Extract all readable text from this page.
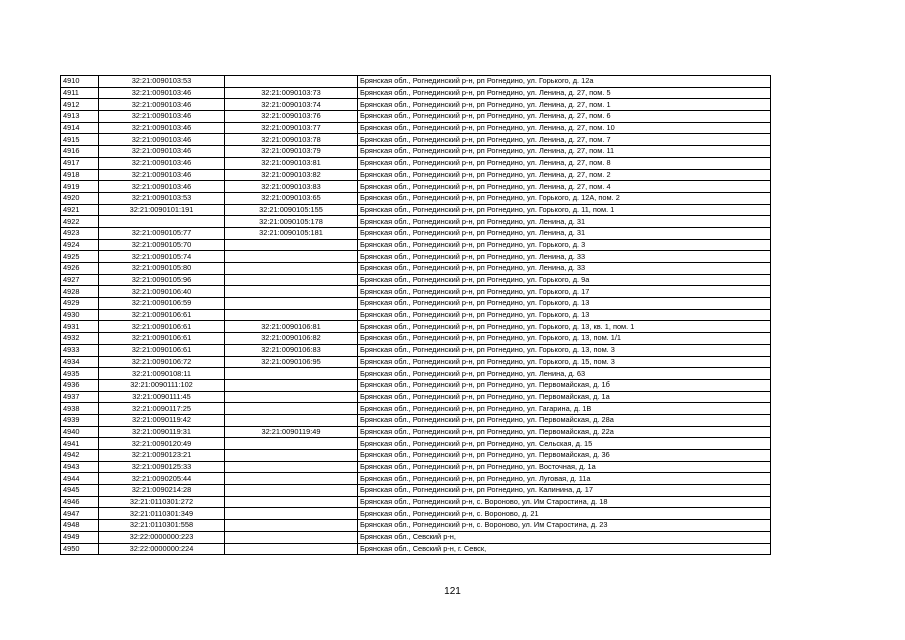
4910	32:21:0090103:53		Брянская обл., Рогнединский р-н, рп Рогнедино, ул. Горького, д. 12а
4911	32:21:0090103:46	32:21:0090103:73	Брянская обл., Рогнединский р-н, рп Рогнедино, ул. Ленина, д. 27, пом. 5
4912	32:21:0090103:46	32:21:0090103:74	Брянская обл., Рогнединский р-н, рп Рогнедино, ул. Ленина, д. 27, пом. 1
4913	32:21:0090103:46	32:21:0090103:76	Брянская обл., Рогнединский р-н, рп Рогнедино, ул. Ленина, д. 27, пом. 6
4914	32:21:0090103:46	32:21:0090103:77	Брянская обл., Рогнединский р-н, рп Рогнедино, ул. Ленина, д. 27, пом. 10
4915	32:21:0090103:46	32:21:0090103:78	Брянская обл., Рогнединский р-н, рп Рогнедино, ул. Ленина, д. 27, пом. 7
4916	32:21:0090103:46	32:21:0090103:79	Брянская обл., Рогнединский р-н, рп Рогнедино, ул. Ленина, д. 27, пом. 11
4917	32:21:0090103:46	32:21:0090103:81	Брянская обл., Рогнединский р-н, рп Рогнедино, ул. Ленина, д. 27, пом. 8
4918	32:21:0090103:46	32:21:0090103:82	Брянская обл., Рогнединский р-н, рп Рогнедино, ул. Ленина, д. 27, пом. 2
4919	32:21:0090103:46	32:21:0090103:83	Брянская обл., Рогнединский р-н, рп Рогнедино, ул. Ленина, д. 27, пом. 4
4920	32:21:0090103:53	32:21:0090103:65	Брянская обл., Рогнединский р-н, рп Рогнедино, ул. Горького, д. 12А, пом. 2
4921	32:21:0090101:191	32:21:0090105:155	Брянская обл., Рогнединский р-н, рп Рогнедино, ул. Горького, д. 11, пом. 1
4922		32:21:0090105:178	Брянская обл., Рогнединский р-н, рп Рогнедино, ул. Ленина, д. 31
4923	32:21:0090105:77	32:21:0090105:181	Брянская обл., Рогнединский р-н, рп Рогнедино, ул. Ленина, д. 31
4924	32:21:0090105:70		Брянская обл., Рогнединский р-н, рп Рогнедино, ул. Горького, д. 3
4925	32:21:0090105:74		Брянская обл., Рогнединский р-н, рп Рогнедино, ул. Ленина, д. 33
4926	32:21:0090105:80		Брянская обл., Рогнединский р-н, рп Рогнедино, ул. Ленина, д. 33
4927	32:21:0090105:96		Брянская обл., Рогнединский р-н, рп Рогнедино, ул. Горького, д. 9а
4928	32:21:0090106:40		Брянская обл., Рогнединский р-н, рп Рогнедино, ул. Горького, д. 17
4929	32:21:0090106:59		Брянская обл., Рогнединский р-н, рп Рогнедино, ул. Горького, д. 13
4930	32:21:0090106:61		Брянская обл., Рогнединский р-н, рп Рогнедино, ул. Горького, д. 13
4931	32:21:0090106:61	32:21:0090106:81	Брянская обл., Рогнединский р-н, рп Рогнедино, ул. Горького, д. 13, кв. 1, пом. 1
4932	32:21:0090106:61	32:21:0090106:82	Брянская обл., Рогнединский р-н, рп Рогнедино, ул. Горького, д. 13, пом. 1/1
4933	32:21:0090106:61	32:21:0090106:83	Брянская обл., Рогнединский р-н, рп Рогнедино, ул. Горького, д. 13, пом. 3
4934	32:21:0090106:72	32:21:0090106:95	Брянская обл., Рогнединский р-н, рп Рогнедино, ул. Горького, д. 15, пом. 3
4935	32:21:0090108:11		Брянская обл., Рогнединский р-н, рп Рогнедино, ул. Ленина, д. 63
4936	32:21:0090111:102		Брянская обл., Рогнединский р-н, рп Рогнедино, ул. Первомайская, д. 1б
4937	32:21:0090111:45		Брянская обл., Рогнединский р-н, рп Рогнедино, ул. Первомайская, д. 1а
4938	32:21:0090117:25		Брянская обл., Рогнединский р-н, рп Рогнедино, ул. Гагарина, д. 1В
4939	32:21:0090119:42		Брянская обл., Рогнединский р-н, рп Рогнедино, ул. Первомайская, д. 28а
4940	32:21:0090119:31	32:21:0090119:49	Брянская обл., Рогнединский р-н, рп Рогнедино, ул. Первомайская, д. 22а
4941	32:21:0090120:49		Брянская обл., Рогнединский р-н, рп Рогнедино, ул. Сельская, д. 15
4942	32:21:0090123:21		Брянская обл., Рогнединский р-н, рп Рогнедино, ул. Первомайская, д. 36
4943	32:21:0090125:33		Брянская обл., Рогнединский р-н, рп Рогнедино, ул. Восточная, д. 1а
4944	32:21:0090205:44		Брянская обл., Рогнединский р-н, рп Рогнедино, ул. Луговая, д. 11а
4945	32:21:0090214:28		Брянская обл., Рогнединский р-н, рп Рогнедино, ул. Калинина, д. 17
4946	32:21:0110301:272		Брянская обл., Рогнединский р-н, с. Вороново, ул. Им Старостина, д. 18
4947	32:21:0110301:349		Брянская обл., Рогнединский р-н, с. Вороново, д. 21
4948	32:21:0110301:558		Брянская обл., Рогнединский р-н, с. Вороново, ул. Им Старостина, д. 23
4949	32:22:0000000:223		Брянская обл., Севский р-н,
4950	32:22:0000000:224		Брянская обл., Севский р-н, г. Севск,
121
